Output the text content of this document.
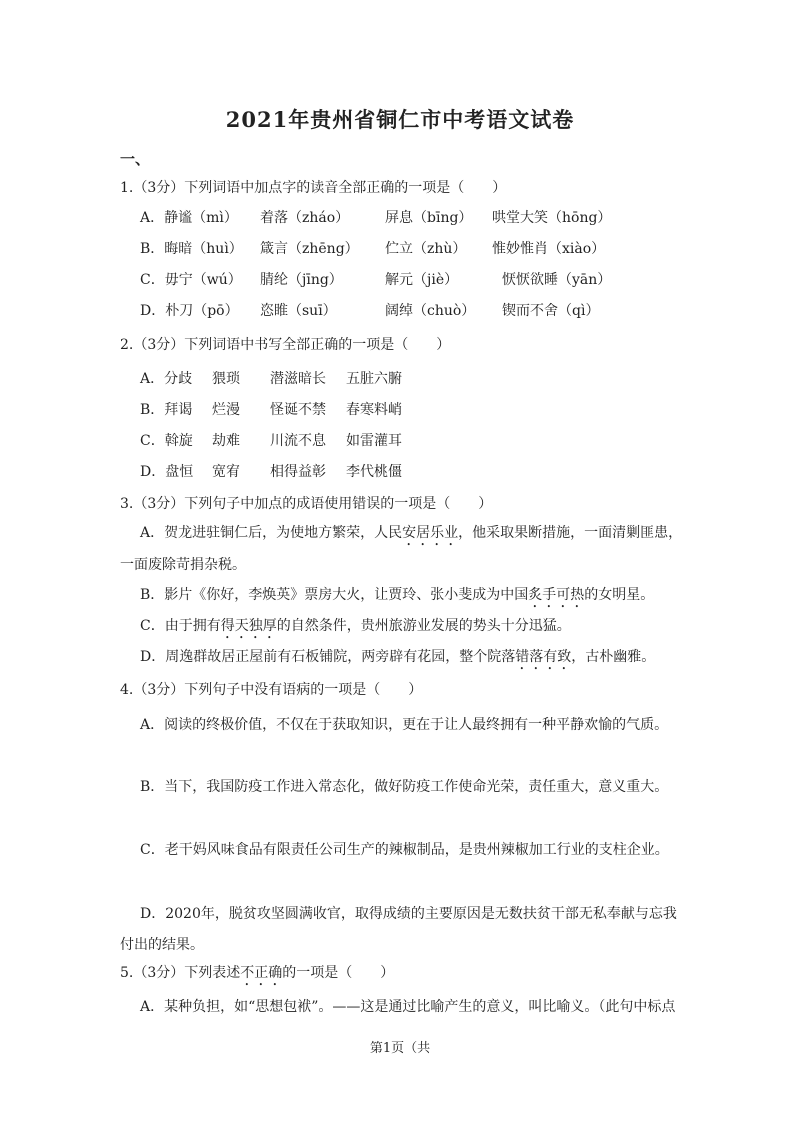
2021年贵州省铜仁市中考语文试卷
一、
1.（3分）下列词语中加点字的读音全部正确的一项是（　　）
A．静谧（mì） 着落（zháo）	屏息（bīng） 哄堂大笑（hōng）
B．晦暗（huì） 箴言（zhēng） 伫立（zhù） 惟妙惟肖（xiào）
C．毋宁（wú） 腈纶（jīng）	解元（jiè）	恹恹欲睡（yān）
D．朴刀（pō） 恣睢（suī）	阔绰（chuò） 锲而不舍（qì）
2.（3分）下列词语中书写全部正确的一项是（　　）
A．分歧 猥琐 潜滋暗长 五脏六腑
B．拜谒 烂漫 怪诞不禁 春寒料峭
C．斡旋 劫难 川流不息 如雷灌耳
D．盘恒 宽宥 相得益彰 李代桃僵
3.（3分）下列句子中加点的成语使用错误的一项是（　　）
A．贺龙进驻铜仁后，为使地方繁荣，人民安居乐业，他采取果断措施，一面清剿匪患，
一面废除苛捐杂税。
B．影片《你好，李焕英》票房大火，让贾玲、张小斐成为中国炙手可热的女明星。
C．由于拥有得天独厚的自然条件，贵州旅游业发展的势头十分迅猛。
D．周逸群故居正屋前有石板铺院，两旁辟有花园，整个院落错落有致，古朴幽雅。
4.（3分）下列句子中没有语病的一项是（　　）
A．阅读的终极价值，不仅在于获取知识，更在于让人最终拥有一种平静欢愉的气质。
B．当下，我国防疫工作进入常态化，做好防疫工作使命光荣，责任重大，意义重大。
C．老干妈风味食品有限责任公司生产的辣椒制品，是贵州辣椒加工行业的支柱企业。
D．2020年，脱贫攻坚圆满收官，取得成绩的主要原因是无数扶贫干部无私奉献与忘我
付出的结果。
5.（3分）下列表述不正确的一项是（　　）
A．某种负担，如“思想包袱”。——这是通过比喻产生的意义，叫比喻义。（此句中标点
第1页（共
